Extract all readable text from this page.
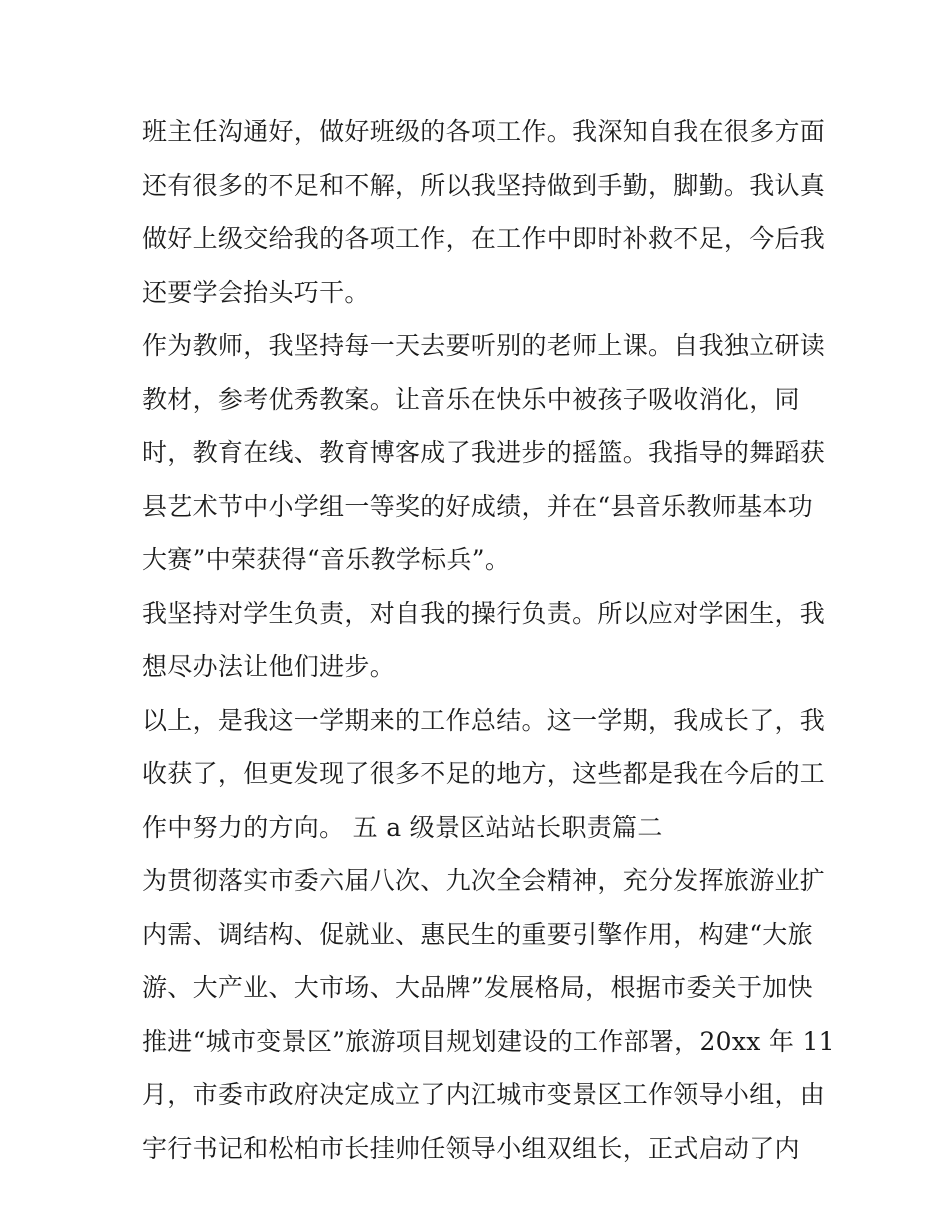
班主任沟通好，做好班级的各项工作。我深知自我在很多方面
还有很多的不足和不解，所以我坚持做到手勤，脚勤。我认真
做好上级交给我的各项工作，在工作中即时补救不足，今后我
还要学会抬头巧干。
作为教师，我坚持每一天去要听别的老师上课。自我独立研读
教材，参考优秀教案。让音乐在快乐中被孩子吸收消化，同
时，教育在线、教育博客成了我进步的摇篮。我指导的舞蹈获
县艺术节中小学组一等奖的好成绩，并在“县音乐教师基本功
大赛”中荣获得“音乐教学标兵”。
我坚持对学生负责，对自我的操行负责。所以应对学困生，我
想尽办法让他们进步。
以上，是我这一学期来的工作总结。这一学期，我成长了，我
收获了，但更发现了很多不足的地方，这些都是我在今后的工
作中努力的方向。 五 a 级景区站站长职责篇二
为贯彻落实市委六届八次、九次全会精神，充分发挥旅游业扩
内需、调结构、促就业、惠民生的重要引擎作用，构建“大旅
游、大产业、大市场、大品牌”发展格局，根据市委关于加快
推进“城市变景区”旅游项目规划建设的工作部署，20xx 年 11
月，市委市政府决定成立了内江城市变景区工作领导小组，由
宇行书记和松柏市长挂帅任领导小组双组长，正式启动了内
